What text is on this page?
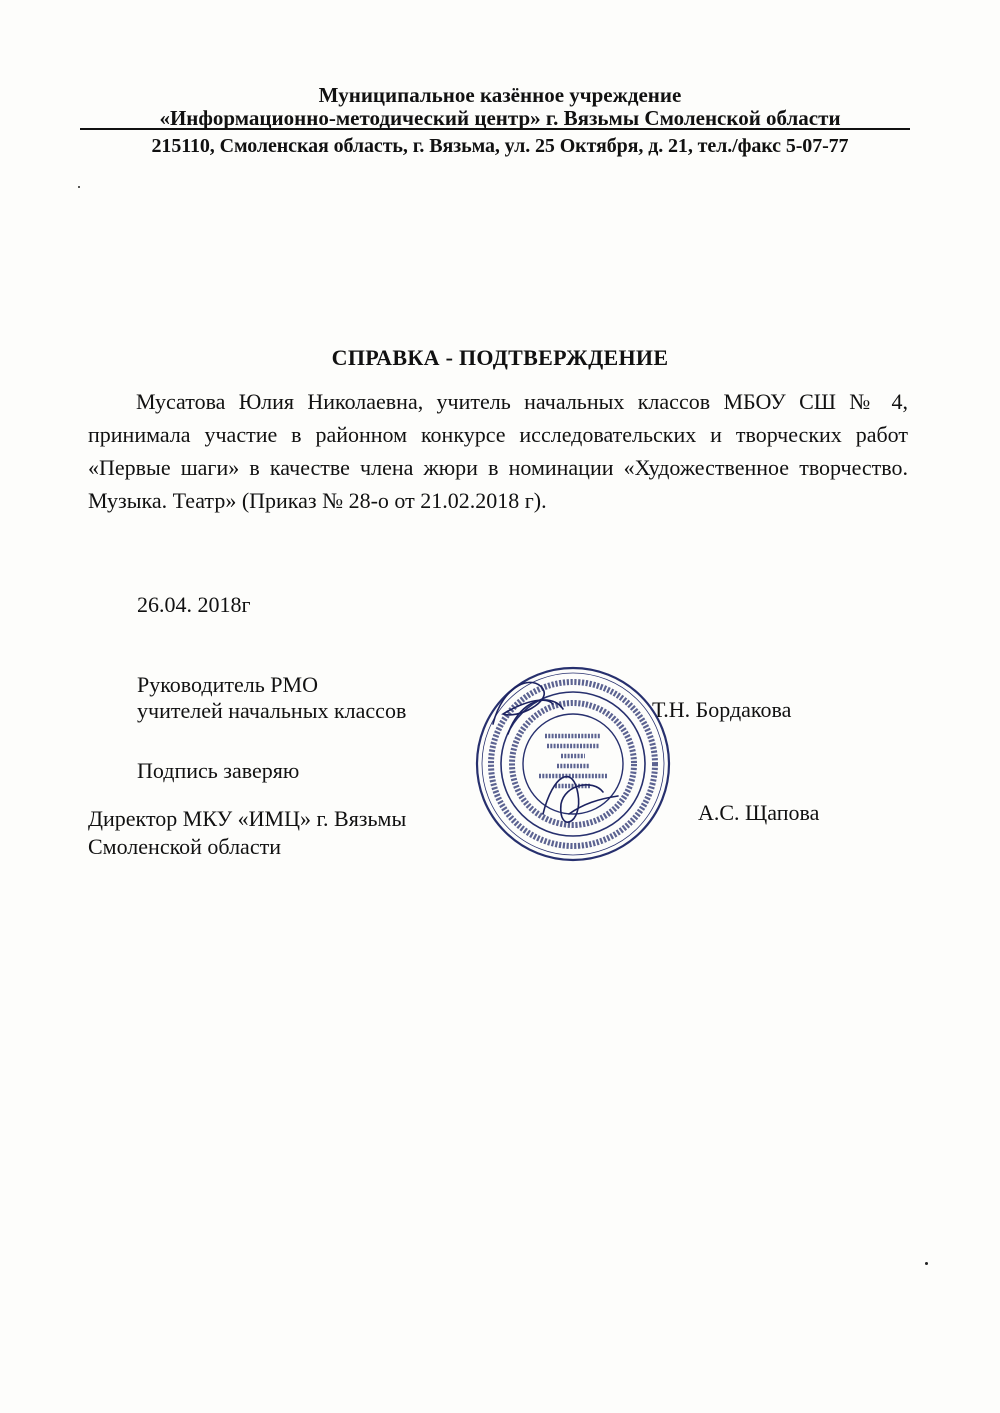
Муниципальное казённое учреждение
«Информационно-методический центр» г. Вязьмы Смоленской области
215110, Смоленская область, г. Вязьма, ул. 25 Октября, д. 21, тел./факс 5-07-77
СПРАВКА - ПОДТВЕРЖДЕНИЕ
Мусатова Юлия Николаевна, учитель начальных классов МБОУ СШ № 4, принимала участие в районном конкурсе исследовательских и творческих работ «Первые шаги» в качестве члена жюри в номинации «Художественное творчество. Музыка. Театр» (Приказ № 28-о от 21.02.2018 г).
26.04. 2018г
Руководитель РМО
учителей начальных классов	Т.Н. Бордакова
Подпись заверяю
Директор МКУ «ИМЦ» г. Вязьмы
Смоленской области
А.С. Щапова
